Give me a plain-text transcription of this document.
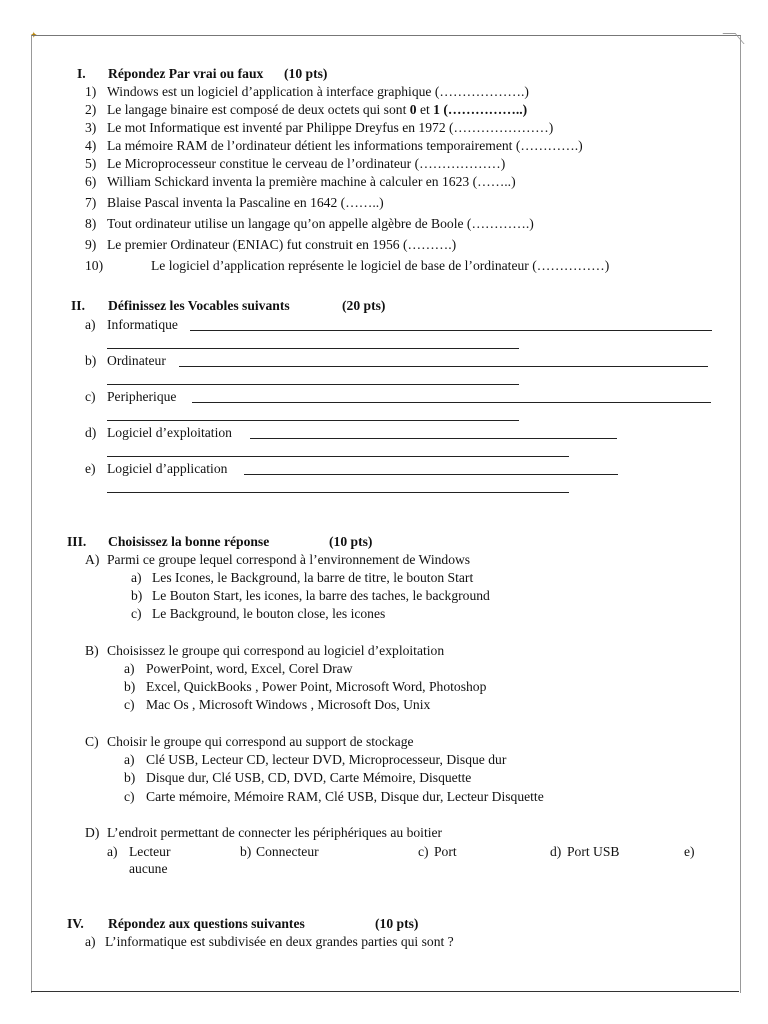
✦
I. Répondez Par vrai ou faux (10 pts)
1) Windows est un logiciel d’application à interface graphique (……………….)
2) Le langage binaire est composé de deux octets qui sont 0 et 1 (……………..)
3) Le mot Informatique est inventé par Philippe Dreyfus en 1972 (…………………)
4) La mémoire RAM de l’ordinateur détient les informations temporairement (………….)
5) Le Microprocesseur constitue le cerveau de l’ordinateur (………………)
6) William Schickard inventa la première machine à calculer en 1623 (……..)
7) Blaise Pascal inventa la Pascaline en 1642 (……..)
8) Tout ordinateur utilise un langage qu’on appelle algèbre de Boole (………….)
9) Le premier Ordinateur (ENIAC) fut construit en 1956 (……….)
10)	Le logiciel d’application représente le logiciel de base de l’ordinateur (……………)
II. Définissez les Vocables suivants	(20 pts)
a) Informatique
b) Ordinateur
c) Peripherique
d) Logiciel d’exploitation
e) Logiciel d’application
III. Choisissez la bonne réponse	(10 pts)
A) Parmi ce groupe lequel correspond à l’environnement de Windows
a) Les Icones, le Background, la barre de titre, le bouton Start
b) Le Bouton Start, les icones, la barre des taches, le background
c) Le Background, le bouton close, les icones
B) Choisissez le groupe qui correspond au logiciel d’exploitation
a) PowerPoint, word, Excel, Corel Draw
b) Excel, QuickBooks , Power Point, Microsoft Word, Photoshop
c) Mac Os , Microsoft Windows , Microsoft Dos, Unix
C) Choisir le groupe qui correspond au support de stockage
a) Clé USB, Lecteur CD, lecteur DVD, Microprocesseur, Disque dur
b) Disque dur, Clé USB, CD, DVD, Carte Mémoire, Disquette
c) Carte mémoire, Mémoire RAM, Clé USB, Disque dur, Lecteur Disquette
D) L’endroit permettant de connecter les périphériques au boitier
a) Lecteur	b) Connecteur	c) Port	d) Port USB	e)
aucune
IV. Répondez aux questions suivantes	(10 pts)
a) L’informatique est subdivisée en deux grandes parties qui sont ?
